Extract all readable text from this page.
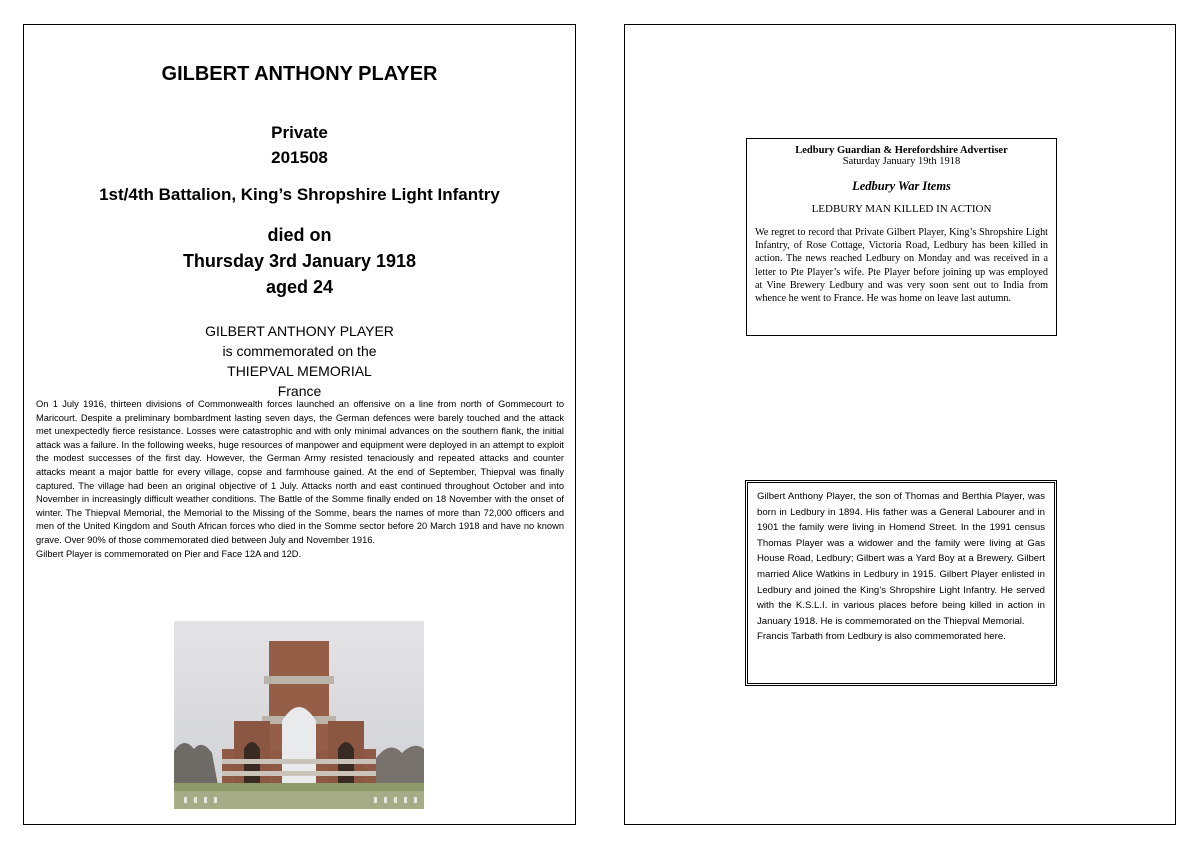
GILBERT ANTHONY PLAYER
Private
201508
1st/4th Battalion, King’s Shropshire Light Infantry
died on
Thursday 3rd January 1918
aged 24
GILBERT ANTHONY PLAYER
is commemorated on the
THIEPVAL MEMORIAL
France

On 1 July 1916, thirteen divisions of Commonwealth forces launched an offensive on a line from north of Gommecourt to Maricourt. Despite a preliminary bombardment lasting seven days, the German defences were barely touched and the attack met unexpectedly fierce resistance. Losses were catastrophic and with only minimal advances on the southern flank, the initial attack was a failure. In the following weeks, huge resources of manpower and equipment were deployed in an attempt to exploit the modest successes of the first day. However, the German Army resisted tenaciously and repeated attacks and counter attacks meant a major battle for every village, copse and farmhouse gained. At the end of September, Thiepval was finally captured. The village had been an original objective of 1 July. Attacks north and east continued throughout October and into November in increasingly difficult weather conditions. The Battle of the Somme finally ended on 18 November with the onset of winter. The Thiepval Memorial, the Memorial to the Missing of the Somme, bears the names of more than 72,000 officers and men of the United Kingdom and South African forces who died in the Somme sector before 20 March 1918 and have no known grave. Over 90% of those commemorated died between July and November 1916.

Gilbert Player is commemorated on Pier and Face 12A and 12D.

Ledbury Guardian & Herefordshire Advertiser
Saturday January 19th 1918
Ledbury War Items
LEDBURY MAN KILLED IN ACTION
We regret to record that Private Gilbert Player, King’s Shropshire Light Infantry, of Rose Cottage, Victoria Road, Ledbury has been killed in action. The news reached Ledbury on Monday and was received in a letter to Pte Player’s wife. Pte Player before joining up was employed at Vine Brewery Ledbury and was very soon sent out to India from whence he went to France. He was home on leave last autumn.
Gilbert Anthony Player, the son of Thomas and Berthia Player, was born in Ledbury in 1894. His father was a General Labourer and in 1901 the family were living in Homend Street. In the 1991 census Thomas Player was a widower and the family were living at Gas House Road, Ledbury; Gilbert was a Yard Boy at a Brewery. Gilbert married Alice Watkins in Ledbury in 1915. Gilbert Player enlisted in Ledbury and joined the King’s Shropshire Light Infantry. He served with the K.S.L.I. in various places before being killed in action in January 1918. He is commemorated on the Thiepval Memorial.
Francis Tarbath from Ledbury is also commemorated here.
